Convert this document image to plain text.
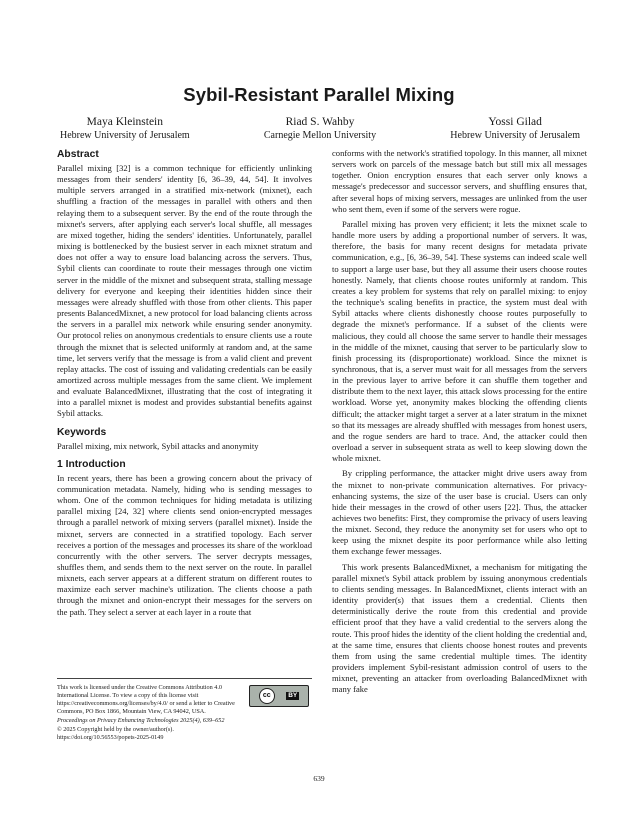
Sybil-Resistant Parallel Mixing
Maya Kleinstein
Hebrew University of Jerusalem
Riad S. Wahby
Carnegie Mellon University
Yossi Gilad
Hebrew University of Jerusalem
Abstract

Parallel mixing [32] is a common technique for efficiently unlinking messages from their senders' identity [6, 36–39, 44, 54]. It involves multiple servers arranged in a stratified mix-network (mixnet), each shuffling a fraction of the messages in parallel with others and then relaying them to a subsequent server. By the end of the route through the mixnet's servers, after applying each server's local shuffle, all messages are mixed together, hiding the senders' identities. Unfortunately, parallel mixing is bottlenecked by the busiest server in each mixnet stratum and does not offer a way to ensure load balancing across the servers. Thus, Sybil clients can coordinate to route their messages through one victim server in the middle of the mixnet and subsequent strata, stalling message delivery for everyone and keeping their identities hidden since their messages were already shuffled with those from other clients. This paper presents BalancedMixnet, a new protocol for load balancing clients across the servers in a parallel mix network while ensuring sender anonymity. Our protocol relies on anonymous credentials to ensure clients use a route through the mixnet that is selected uniformly at random and, at the same time, let servers verify that the message is from a valid client and prevent replay attacks. The cost of issuing and validating credentials can be easily amortized across multiple messages from the same client. We implement and evaluate BalancedMixnet, illustrating that the cost of integrating it into a parallel mixnet is modest and provides substantial benefits against Sybil attacks.

Keywords

Parallel mixing, mix network, Sybil attacks and anonymity

1 Introduction

In recent years, there has been a growing concern about the privacy of communication metadata. Namely, hiding who is sending messages to whom. One of the common techniques for hiding metadata is utilizing parallel mixing [24, 32] where clients send onion-encrypted messages through a parallel network of mixing servers (parallel mixnet). Inside the mixnet, servers are connected in a stratified topology. Each server receives a portion of the messages and processes its share of the workload concurrently with the other servers. The server decrypts messages, shuffles them, and sends them to the next server on the route. In parallel mixnets, each server appears at a different stratum on different routes to maximize each server machine's utilization. The clients choose a path through the mixnet and onion-encrypt their messages for the servers on the path. They select a server at each layer in a route that

conforms with the network's stratified topology. In this manner, all mixnet servers work on parcels of the message batch but still mix all messages together. Onion encryption ensures that each server only knows a message's predecessor and successor servers, and shuffling ensures that, after several hops of mixing servers, messages are unlinked from the user who sent them, even if some of the servers were rogue.

Parallel mixing has proven very efficient; it lets the mixnet scale to handle more users by adding a proportional number of servers. It was, therefore, the basis for many recent designs for metadata private communication, e.g., [6, 36–39, 54]. These systems can indeed scale well to support a large user base, but they all assume their users choose routes honestly. Namely, that clients choose routes uniformly at random. This creates a key problem for systems that rely on parallel mixing: to enjoy the technique's scaling benefits in practice, the system must deal with Sybil attacks where clients dishonestly choose routes purposefully to degrade the mixnet's performance. If a subset of the clients were malicious, they could all choose the same server to handle their messages in the middle of the mixnet, causing that server to be particularly slow to finish processing its (disproportionate) workload. Since the mixnet is synchronous, that is, a server must wait for all messages from the servers in the previous layer to arrive before it can shuffle them together and distribute them to the next layer, this attack slows processing for the entire workload. Worse yet, anonymity makes blocking the offending clients difficult; the attacker might target a server at a later stratum in the mixnet so that its messages are already shuffled with messages from honest users, and the rogue senders are hard to trace. And, the attacker could then overload a server in subsequent strata as well to keep slowing down the whole mixnet.

By crippling performance, the attacker might drive users away from the mixnet to non-private communication alternatives. For privacy-enhancing systems, the size of the user base is crucial. Users can only hide their messages in the crowd of other users [22]. Thus, the attacker achieves two benefits: First, they compromise the privacy of users leaving the mixnet. Second, they reduce the anonymity set for users who opt to keep using the mixnet despite its poor performance while also letting them exchange fewer messages.

This work presents BalancedMixnet, a mechanism for mitigating the parallel mixnet's Sybil attack problem by issuing anonymous credentials to clients sending messages. In BalancedMixnet, clients interact with an identity provider(s) that issues them a credential. Clients then deterministically derive the route from this credential and provide efficient proof that they have a valid credential to the servers along the route. This proof hides the identity of the client holding the credential and, at the same time, ensures that clients choose honest routes and prevents them from using the same credential multiple times. The identity providers implement Sybil-resistant admission control of users to the mixnet, preventing an attacker from overloading BalancedMixnet with many fake

This work is licensed under the Creative Commons Attribution 4.0 International License. To view a copy of this license visit https://creativecommons.org/licenses/by/4.0/ or send a letter to Creative Commons, PO Box 1866, Mountain View, CA 94042, USA.
cc	BY
Proceedings on Privacy Enhancing Technologies 2025(4), 639–652
© 2025 Copyright held by the owner/author(s).
https://doi.org/10.56553/popets-2025-0149
639
